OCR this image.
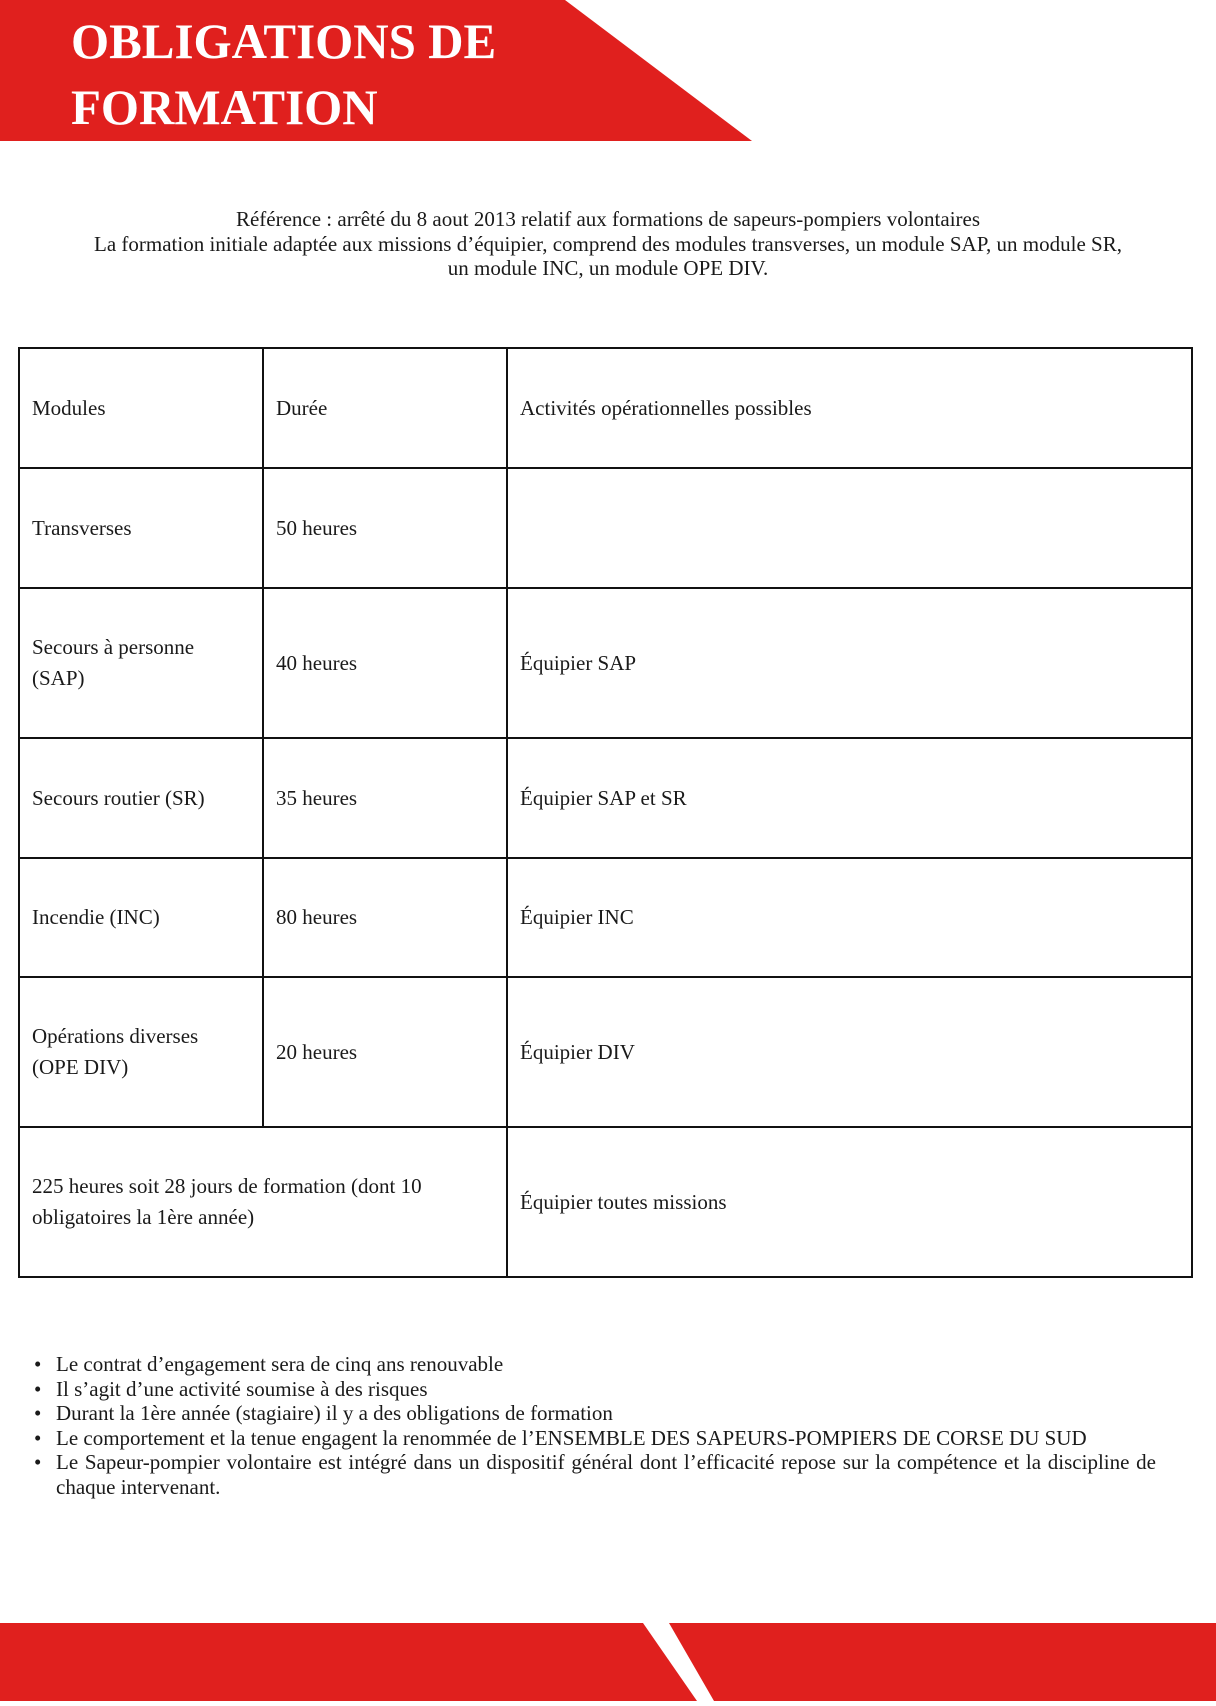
OBLIGATIONS DE
FORMATION

Référence : arrêté du 8 aout 2013 relatif aux formations de sapeurs-pompiers volontaires

La formation initiale adaptée aux missions d’équipier, comprend des modules transverses, un module SAP, un module SR,

un module INC, un module OPE DIV.

Modules	Durée	Activités opérationnelles possibles
Transverses	50 heures	
Secours à personne (SAP)	40 heures	Équipier SAP
Secours routier (SR)	35 heures	Équipier SAP et SR
Incendie (INC)	80 heures	Équipier INC
Opérations diverses (OPE DIV)	20 heures	Équipier DIV
225 heures soit 28 jours de formation (dont 10 obligatoires la 1ère année)		Équipier toutes missions
• Le contrat d’engagement sera de cinq ans renouvable
• Il s’agit d’une activité soumise à des risques
• Durant la 1ère année (stagiaire) il y a des obligations de formation
• Le comportement et la tenue engagent la renommée de l’ENSEMBLE DES SAPEURS-POMPIERS DE CORSE DU SUD
• Le Sapeur-pompier volontaire est intégré dans un dispositif général dont l’efficacité repose sur la compétence et la discipline de chaque intervenant.
